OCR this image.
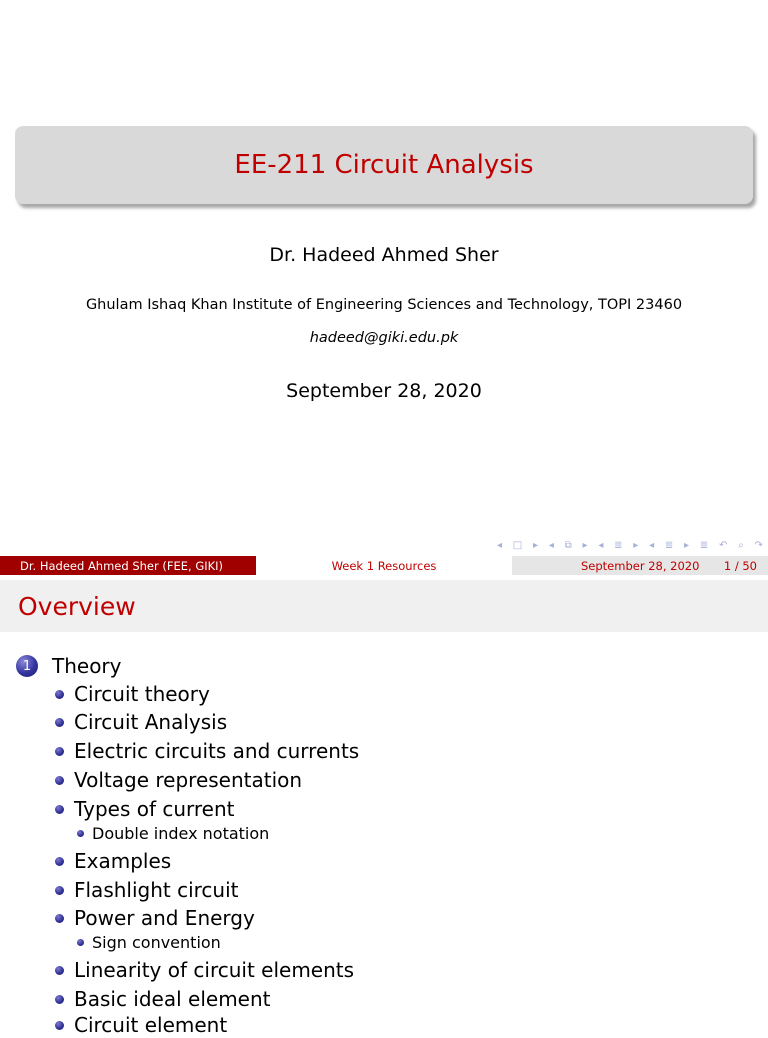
EE-211 Circuit Analysis
Dr. Hadeed Ahmed Sher
Ghulam Ishaq Khan Institute of Engineering Sciences and Technology, TOPI 23460
hadeed@giki.edu.pk
September 28, 2020
◂ □ ▸ ◂ ⧉ ▸ ◂ ≣ ▸ ◂ ≣ ▸ ≣ ↶ ⌕ ↷
Dr. Hadeed Ahmed Sher (FEE, GIKI)	Week 1 Resources	September 28, 2020 1 / 50
Overview
1	Theory
Circuit theory
Circuit Analysis
Electric circuits and currents
Voltage representation
Types of current
Double index notation
Examples
Flashlight circuit
Power and Energy
Sign convention
Linearity of circuit elements
Basic ideal element
Circuit element
